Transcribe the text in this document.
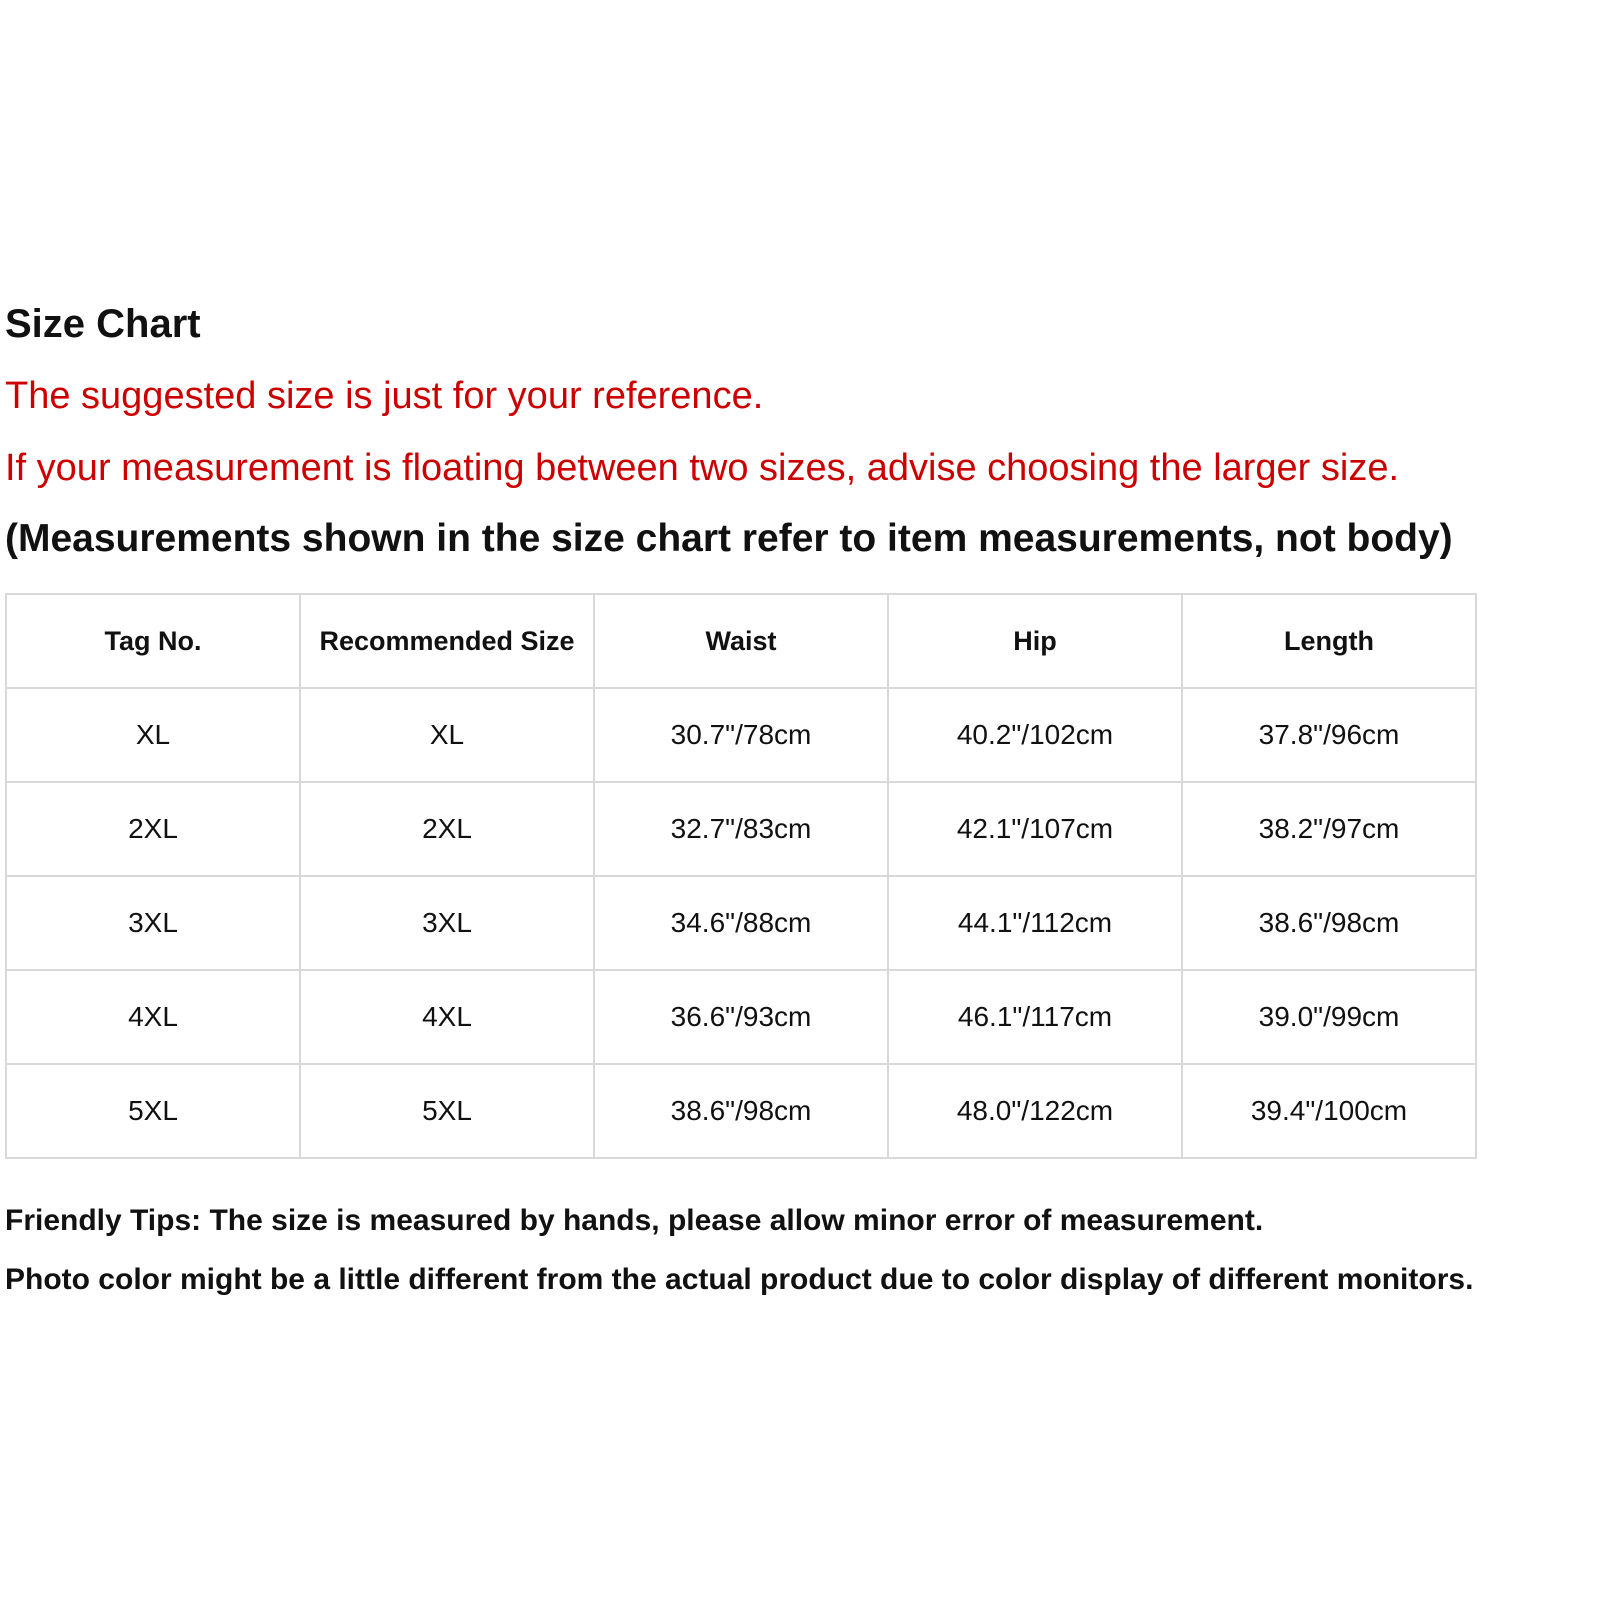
Size Chart
The suggested size is just for your reference.
If your measurement is floating between two sizes, advise choosing the larger size.
(Measurements shown in the size chart refer to item measurements, not body)
Tag No.	Recommended Size	Waist	Hip	Length
XL	XL	30.7"/78cm	40.2"/102cm	37.8"/96cm
2XL	2XL	32.7"/83cm	42.1"/107cm	38.2"/97cm
3XL	3XL	34.6"/88cm	44.1"/112cm	38.6"/98cm
4XL	4XL	36.6"/93cm	46.1"/117cm	39.0"/99cm
5XL	5XL	38.6"/98cm	48.0"/122cm	39.4"/100cm
Friendly Tips: The size is measured by hands, please allow minor error of measurement.
Photo color might be a little different from the actual product due to color display of different monitors.
